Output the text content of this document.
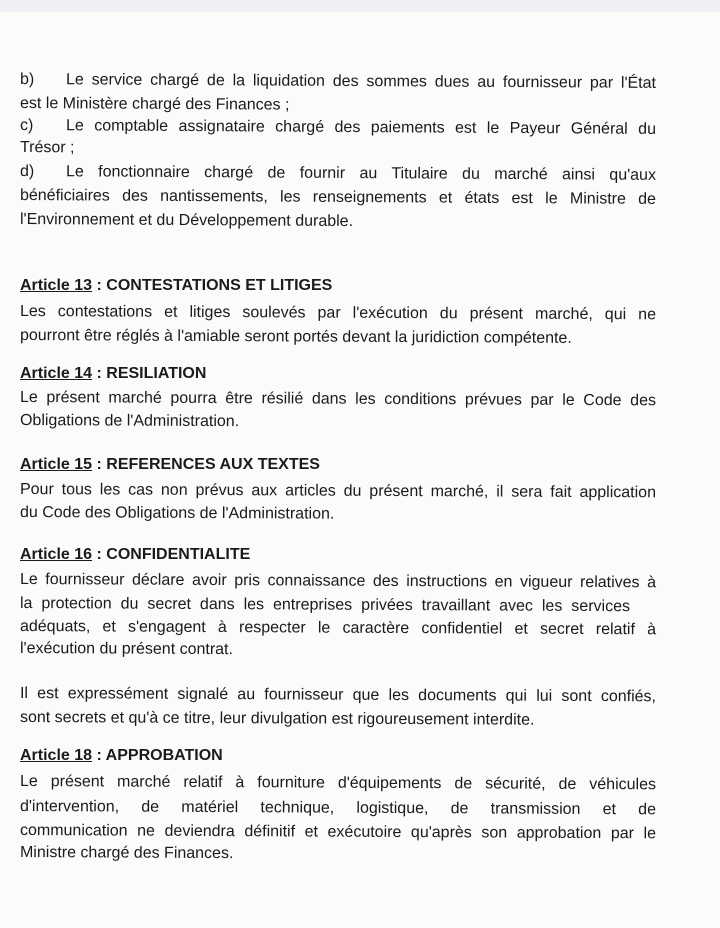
b) Le service chargé de la liquidation des sommes dues au fournisseur par l'État
est le Ministère chargé des Finances ;
c) Le comptable assignataire chargé des paiements est le Payeur Général du
Trésor ;
d) Le fonctionnaire chargé de fournir au Titulaire du marché ainsi qu'aux
bénéficiaires des nantissements, les renseignements et états est le Ministre de
l'Environnement et du Développement durable.
Article 13 : CONTESTATIONS ET LITIGES
Les contestations et litiges soulevés par l'exécution du présent marché, qui ne
pourront être réglés à l'amiable seront portés devant la juridiction compétente.
Article 14 : RESILIATION
Le présent marché pourra être résilié dans les conditions prévues par le Code des
Obligations de l'Administration.
Article 15 : REFERENCES AUX TEXTES
Pour tous les cas non prévus aux articles du présent marché, il sera fait application
du Code des Obligations de l'Administration.
Article 16 : CONFIDENTIALITE
Le fournisseur déclare avoir pris connaissance des instructions en vigueur relatives à
la protection du secret dans les entreprises privées travaillant avec les services
adéquats, et s'engagent à respecter le caractère confidentiel et secret relatif à
l'exécution du présent contrat.
Il est expressément signalé au fournisseur que les documents qui lui sont confiés,
sont secrets et qu'à ce titre, leur divulgation est rigoureusement interdite.
Article 18 : APPROBATION
Le présent marché relatif à fourniture d'équipements de sécurité, de véhicules
d'intervention, de matériel technique, logistique, de transmission et de
communication ne deviendra définitif et exécutoire qu'après son approbation par le
Ministre chargé des Finances.
